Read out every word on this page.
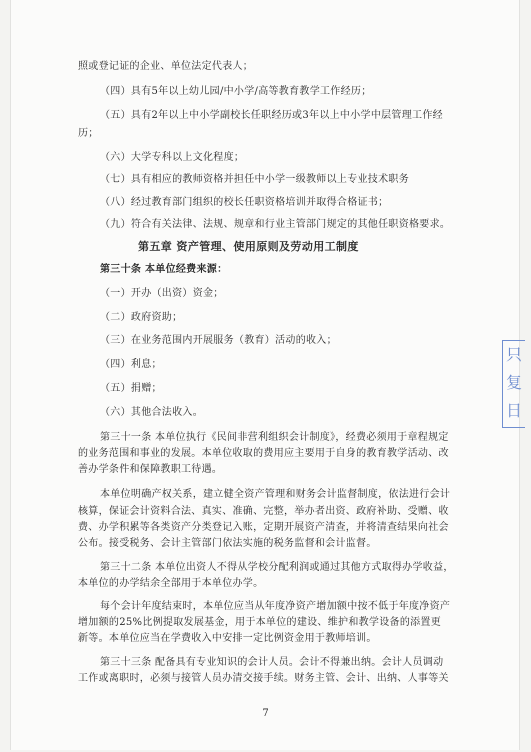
照或登记证的企业、单位法定代表人；
（四）具有5年以上幼儿园/中小学/高等教育教学工作经历；
（五）具有2年以上中小学副校长任职经历或3年以上中小学中层管理工作经
历；
（六）大学专科以上文化程度；
（七）具有相应的教师资格并担任中小学一级教师以上专业技术职务
（八）经过教育部门组织的校长任职资格培训并取得合格证书；
（九）符合有关法律、法规、规章和行业主管部门规定的其他任职资格要求。
第五章 资产管理、使用原则及劳动用工制度
第三十条 本单位经费来源：
（一）开办（出资）资金；
（二）政府资助；
（三）在业务范围内开展服务（教育）活动的收入；
（四）利息；
（五）捐赠；
（六）其他合法收入。
第三十一条 本单位执行《民间非营利组织会计制度》，经费必须用于章程规定
的业务范围和事业的发展。本单位收取的费用应主要用于自身的教育教学活动、改
善办学条件和保障教职工待遇。
本单位明确产权关系，建立健全资产管理和财务会计监督制度，依法进行会计
核算，保证会计资料合法、真实、准确、完整，举办者出资、政府补助、受赠、收
费、办学积累等各类资产分类登记入账，定期开展资产清查，并将清查结果向社会
公布。接受税务、会计主管部门依法实施的税务监督和会计监督。
第三十二条 本单位出资人不得从学校分配利润或通过其他方式取得办学收益，
本单位的办学结余全部用于本单位办学。
每个会计年度结束时，本单位应当从年度净资产增加额中按不低于年度净资产
增加额的25%比例提取发展基金，用于本单位的建设、维护和教学设备的添置更
新等。本单位应当在学费收入中安排一定比例资金用于教师培训。
第三十三条 配备具有专业知识的会计人员。会计不得兼出纳。会计人员调动
工作或离职时，必须与接管人员办清交接手续。财务主管、会计、出纳、人事等关
7
只
复
日
